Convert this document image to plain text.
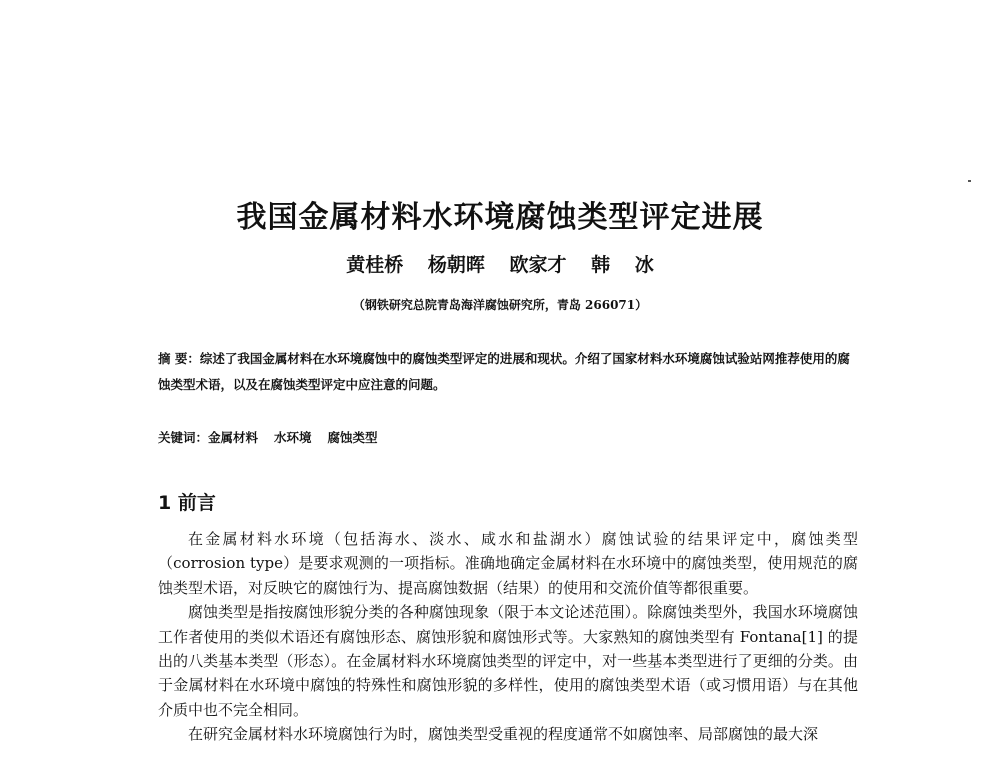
我国金属材料水环境腐蚀类型评定进展
黄桂桥 杨朝晖 欧家才 韩 冰
（钢铁研究总院青岛海洋腐蚀研究所，青岛 266071）
摘 要：综述了我国金属材料在水环境腐蚀中的腐蚀类型评定的进展和现状。介绍了国家材料水环境腐蚀试验站网推荐使用的腐蚀类型术语，以及在腐蚀类型评定中应注意的问题。
关键词：金属材料 水环境 腐蚀类型
1 前言

在金属材料水环境（包括海水、淡水、咸水和盐湖水）腐蚀试验的结果评定中，腐蚀类型（corrosion type）是要求观测的一项指标。准确地确定金属材料在水环境中的腐蚀类型，使用规范的腐蚀类型术语，对反映它的腐蚀行为、提高腐蚀数据（结果）的使用和交流价值等都很重要。

腐蚀类型是指按腐蚀形貌分类的各种腐蚀现象（限于本文论述范围）。除腐蚀类型外，我国水环境腐蚀工作者使用的类似术语还有腐蚀形态、腐蚀形貌和腐蚀形式等。大家熟知的腐蚀类型有 Fontana[1] 的提出的八类基本类型（形态）。在金属材料水环境腐蚀类型的评定中，对一些基本类型进行了更细的分类。由于金属材料在水环境中腐蚀的特殊性和腐蚀形貌的多样性，使用的腐蚀类型术语（或习惯用语）与在其他介质中也不完全相同。

在研究金属材料水环境腐蚀行为时，腐蚀类型受重视的程度通常不如腐蚀率、局部腐蚀的最大深
